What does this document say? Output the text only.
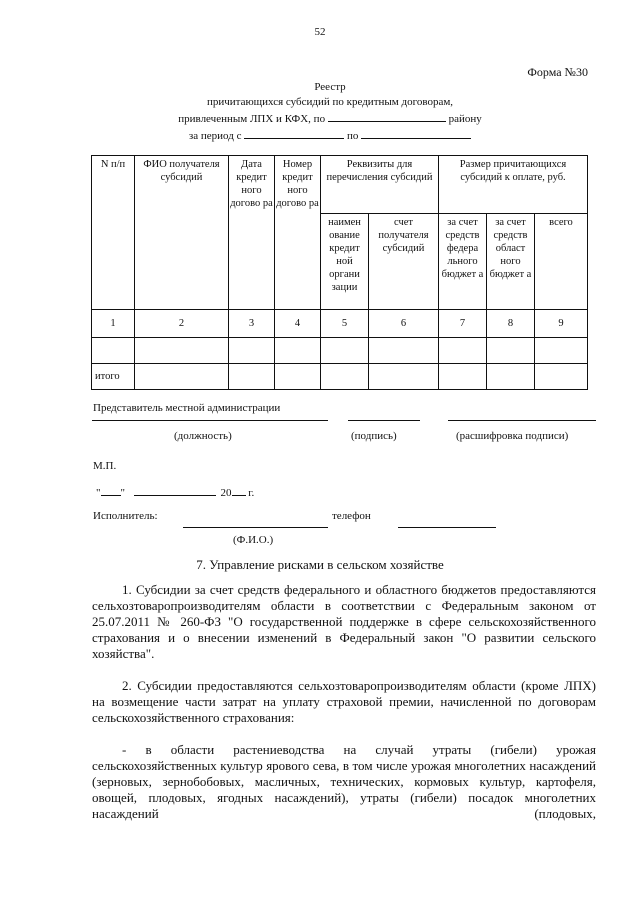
52
Форма №30
Реестр
причитающихся субсидий по кредитным договорам,
привлеченным ЛПХ и КФХ, по	району
за период с	по
N п/п	ФИО получателя субсидий	Дата кредит ного догово ра	Номер кредит ного догово ра	Реквизиты для перечисления субсидий		Размер причитающихся субсидий к оплате, руб.		
				наимен ование кредит ной органи зации	счет получателя субсидий	за счет средств федера льного бюджет а	за счет средств област ного бюджет а	всего
1	2	3	4	5	6	7	8	9

итого								
Представитель местной администрации
(должность)	(подпись)	(расшифровка подписи)
М.П.
" "	20 г.
Исполнитель:	телефон
(Ф.И.О.)
7. Управление рисками в сельском хозяйстве

1. Субсидии за счет средств федерального и областного бюджетов предоставляются сельхозтоваропроизводителям области в соответствии с Федеральным законом от 25.07.2011 № 260-ФЗ "О государственной поддержке в сфере сельскохозяйственного страхования и о внесении изменений в Федеральный закон "О развитии сельского хозяйства".

2. Субсидии предоставляются сельхозтоваропроизводителям области (кроме ЛПХ) на возмещение части затрат на уплату страховой премии, начисленной по договорам сельскохозяйственного страхования:

- в области растениеводства на случай утраты (гибели) урожая сельскохозяйственных культур ярового сева, в том числе урожая многолетних насаждений (зерновых, зернобобовых, масличных, технических, кормовых культур, картофеля, овощей, плодовых, ягодных насаждений), утраты (гибели) посадок многолетних насаждений (плодовых,
